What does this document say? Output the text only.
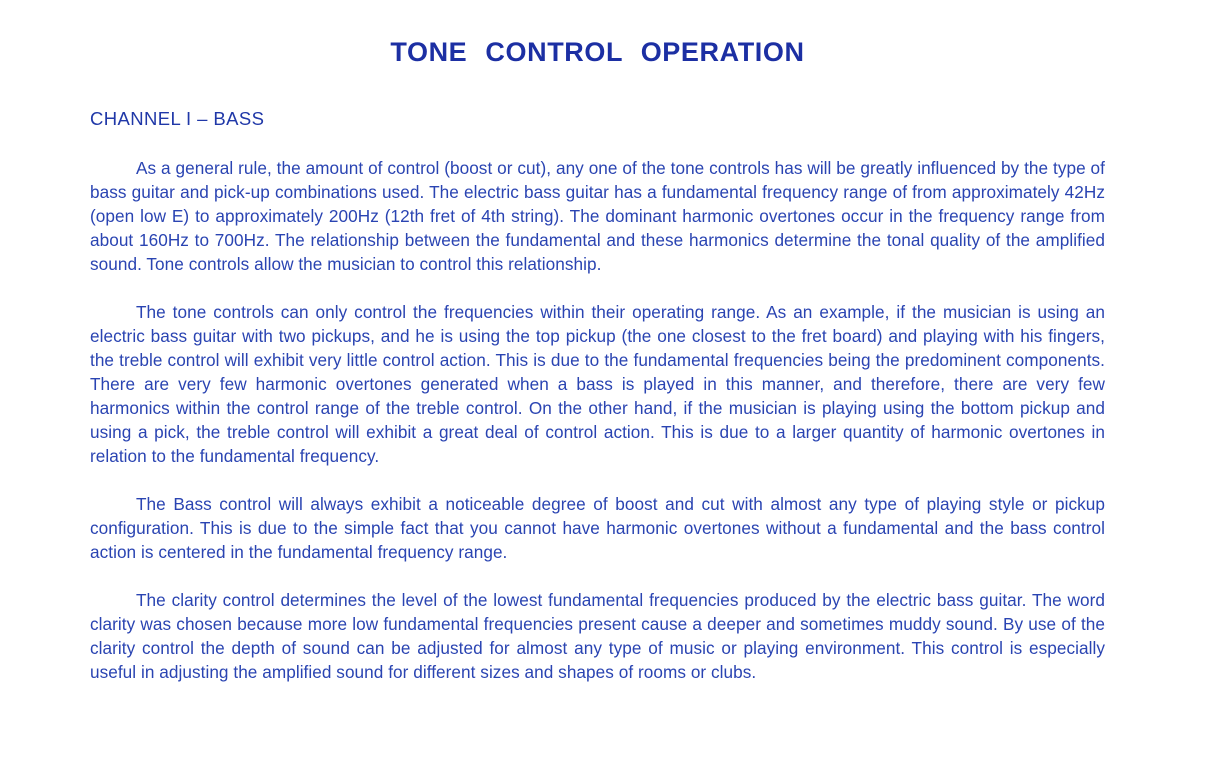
TONE CONTROL OPERATION
CHANNEL I – BASS

As a general rule, the amount of control (boost or cut), any one of the tone controls has will be greatly influenced by the type of bass guitar and pick-up combinations used. The electric bass guitar has a fundamental frequency range of from approximately 42Hz (open low E) to approximately 200Hz (12th fret of 4th string). The dominant harmonic overtones occur in the frequency range from about 160Hz to 700Hz. The relationship between the fundamental and these harmonics determine the tonal quality of the amplified sound. Tone controls allow the musician to control this relationship.

The tone controls can only control the frequencies within their operating range. As an example, if the musician is using an electric bass guitar with two pickups, and he is using the top pickup (the one closest to the fret board) and playing with his fingers, the treble control will exhibit very little control action. This is due to the fundamental frequencies being the predominent components. There are very few harmonic overtones generated when a bass is played in this manner, and therefore, there are very few harmonics within the control range of the treble control. On the other hand, if the musician is playing using the bottom pickup and using a pick, the treble control will exhibit a great deal of control action. This is due to a larger quantity of harmonic overtones in relation to the fundamental frequency.

The Bass control will always exhibit a noticeable degree of boost and cut with almost any type of playing style or pickup configuration. This is due to the simple fact that you cannot have harmonic overtones without a fundamental and the bass control action is centered in the fundamental frequency range.

The clarity control determines the level of the lowest fundamental frequencies produced by the electric bass guitar. The word clarity was chosen because more low fundamental frequencies present cause a deeper and sometimes muddy sound. By use of the clarity control the depth of sound can be adjusted for almost any type of music or playing environment. This control is especially useful in adjusting the amplified sound for different sizes and shapes of rooms or clubs.
